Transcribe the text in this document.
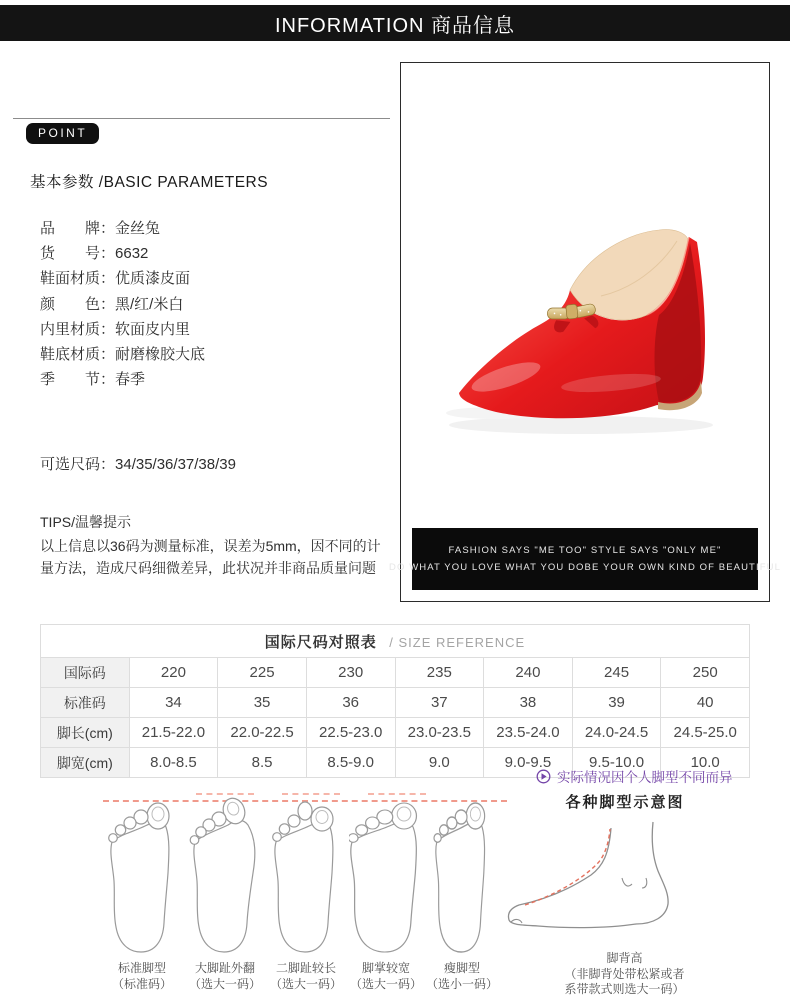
INFORMATION 商品信息
POINT
基本参数 /BASIC PARAMETERS
品　　牌：金丝兔
货　　号：6632
鞋面材质：优质漆皮面
颜　　色：黑/红/米白
内里材质：软面皮内里
鞋底材质：耐磨橡胶大底
季　　节：春季
可选尺码：34/35/36/37/38/39
TIPS/温馨提示
以上信息以36码为测量标准，误差为5mm，因不同的计
量方法，造成尺码细微差异，此状况并非商品质量问题
FASHION SAYS "ME TOO" STYLE SAYS "ONLY ME"
DO WHAT YOU LOVE WHAT YOU DOBE YOUR OWN KIND OF BEAUTIFUL
国际尺码对照表 / SIZE REFERENCE							
国际码	220	225	230	235	240	245	250
标准码	34	35	36	37	38	39	40
脚长(cm)	21.5-22.0	22.0-22.5	22.5-23.0	23.0-23.5	23.5-24.0	24.0-24.5	24.5-25.0
脚宽(cm)	8.0-8.5	8.5	8.5-9.0	9.0	9.0-9.5	9.5-10.0	10.0
实际情况因个人脚型不同而异
各种脚型示意图
标准脚型
（标准码）
大脚趾外翻
（选大一码）
二脚趾较长
（选大一码）
脚掌较宽
（选大一码）
瘦脚型
（选小一码）
脚背高
（非脚背处带松紧或者
系带款式则选大一码）
